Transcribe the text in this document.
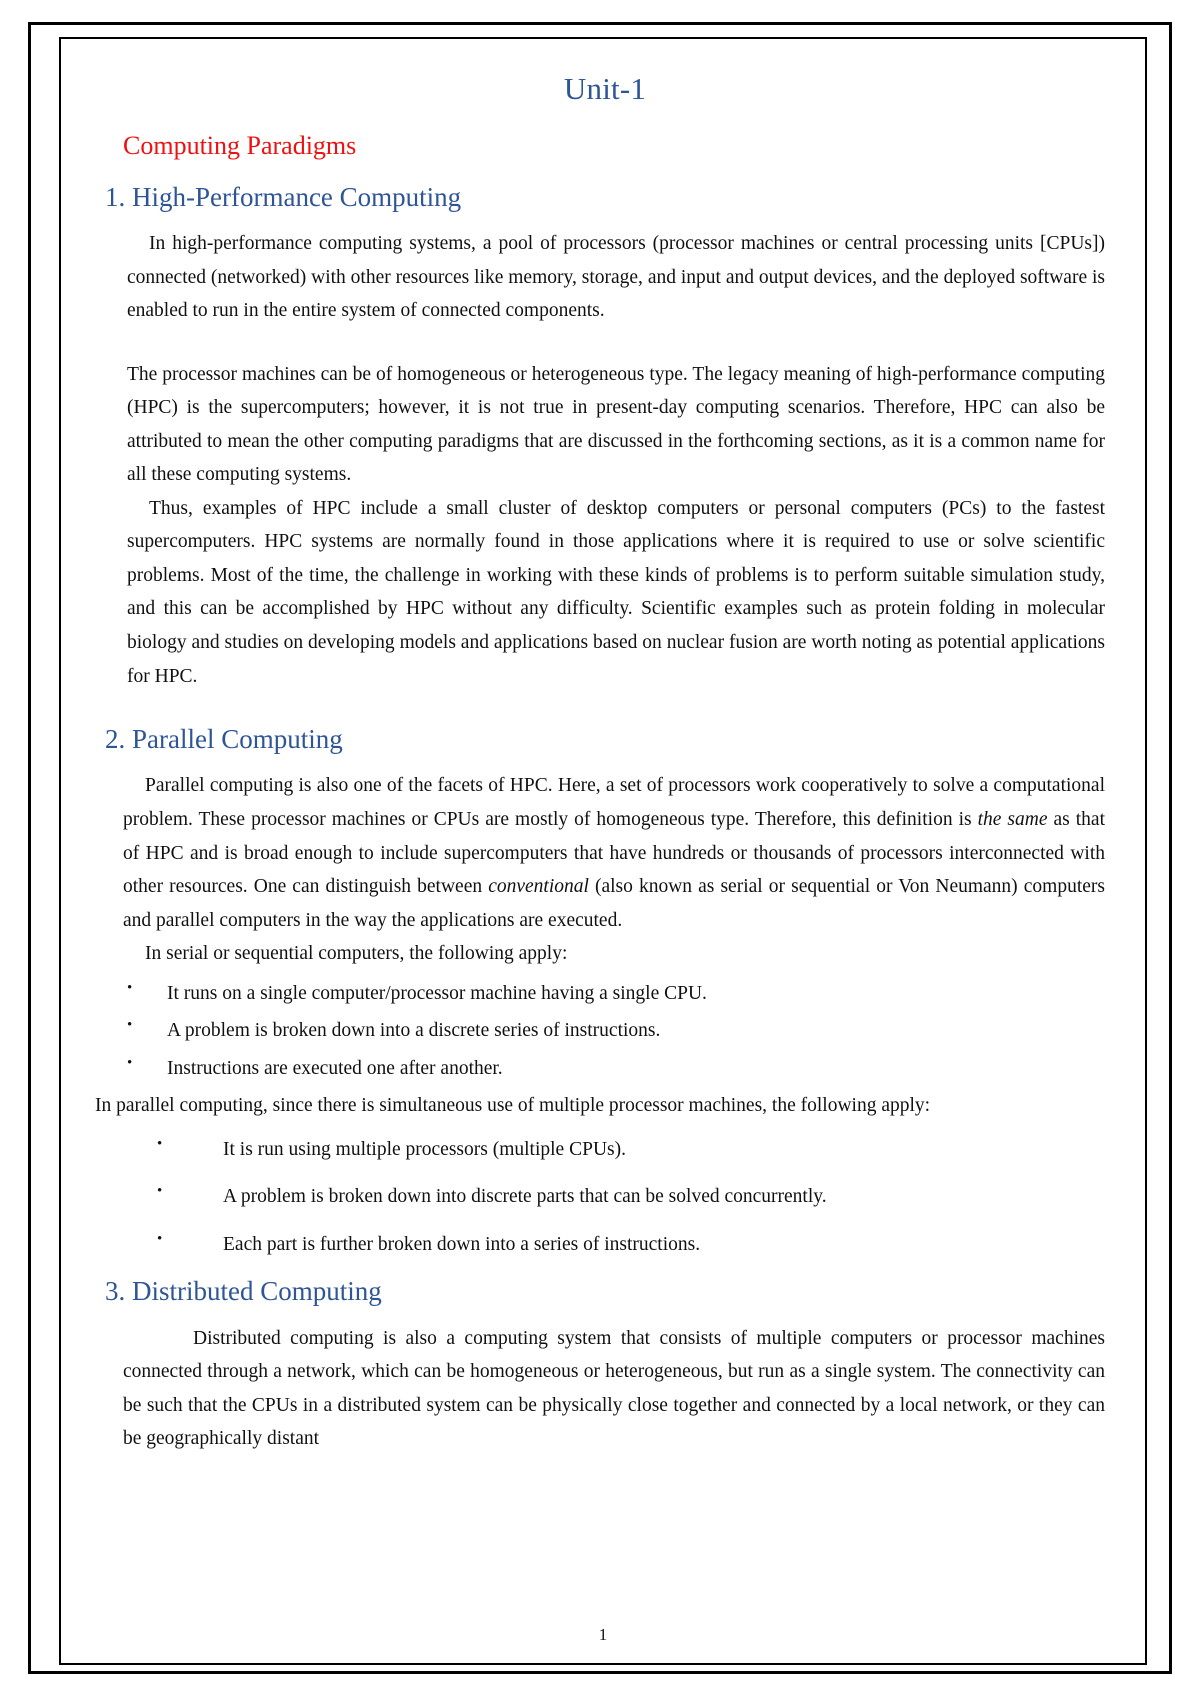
Unit-1
Computing Paradigms
1. High-Performance Computing

In high-performance computing systems, a pool of processors (processor machines or central processing units [CPUs]) connected (networked) with other resources like memory, storage, and input and output devices, and the deployed software is enabled to run in the entire system of connected components.

The processor machines can be of homogeneous or heterogeneous type. The legacy meaning of high-performance computing (HPC) is the supercomputers; however, it is not true in present-day computing scenarios. Therefore, HPC can also be attributed to mean the other computing paradigms that are discussed in the forthcoming sections, as it is a common name for all these computing systems.

Thus, examples of HPC include a small cluster of desktop computers or personal computers (PCs) to the fastest supercomputers. HPC systems are normally found in those applications where it is required to use or solve scientific problems. Most of the time, the challenge in working with these kinds of problems is to perform suitable simulation study, and this can be accomplished by HPC without any difficulty. Scientific examples such as protein folding in molecular biology and studies on developing models and applications based on nuclear fusion are worth noting as potential applications for HPC.

2. Parallel Computing

Parallel computing is also one of the facets of HPC. Here, a set of processors work cooperatively to solve a computational problem. These processor machines or CPUs are mostly of homogeneous type. Therefore, this definition is the same as that of HPC and is broad enough to include supercomputers that have hundreds or thousands of processors interconnected with other resources. One can distinguish between conventional (also known as serial or sequential or Von Neumann) computers and parallel computers in the way the applications are executed.

In serial or sequential computers, the following apply:

• It runs on a single computer/processor machine having a single CPU.
• A problem is broken down into a discrete series of instructions.
• Instructions are executed one after another.

In parallel computing, since there is simultaneous use of multiple processor machines, the following apply:

•	It is run using multiple processors (multiple CPUs).
•	A problem is broken down into discrete parts that can be solved concurrently.
•	Each part is further broken down into a series of instructions.
3. Distributed Computing

Distributed computing is also a computing system that consists of multiple computers or processor machines connected through a network, which can be homogeneous or heterogeneous, but run as a single system. The connectivity can be such that the CPUs in a distributed system can be physically close together and connected by a local network, or they can be geographically distant

1
